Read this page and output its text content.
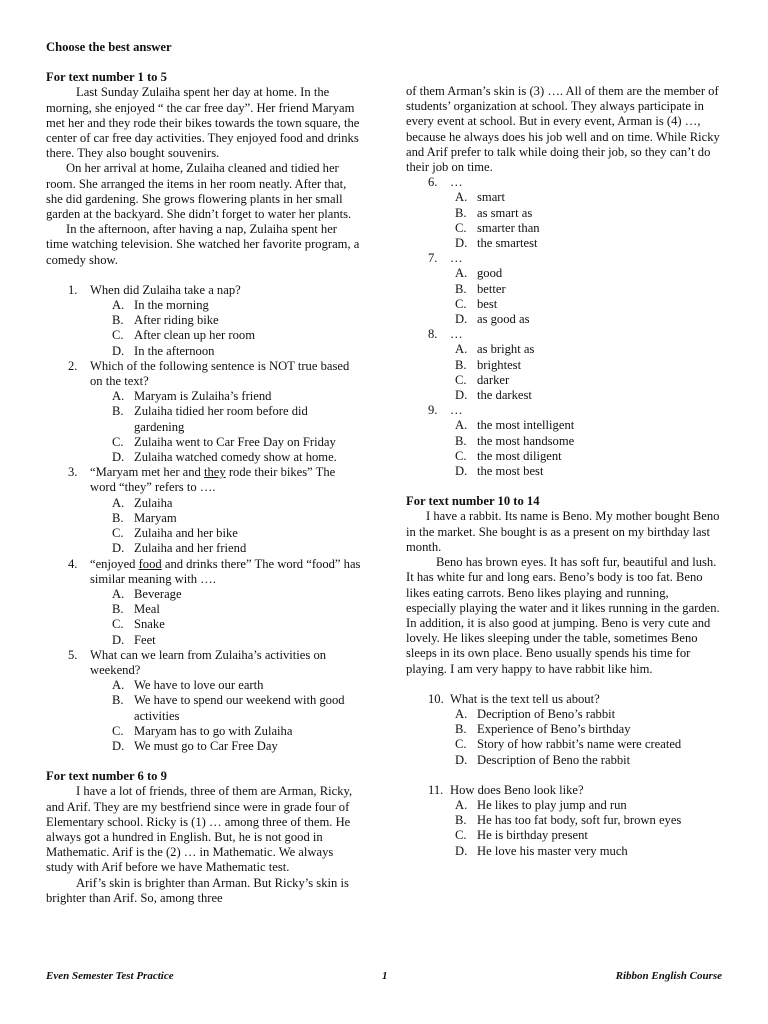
Choose the best answer

For text number 1 to 5

Last Sunday Zulaiha spent her day at home. In the morning, she enjoyed “ the car free day”. Her friend Maryam met her and they rode their bikes towards the town square, the center of car free day activities. They enjoyed food and drinks there. They also bought souvenirs.

On her arrival at home, Zulaiha cleaned and tidied her room. She arranged the items in her room neatly. After that, she did gardening. She grows flowering plants in her small garden at the backyard. She didn’t forget to water her plants.

In the afternoon, after having a nap, Zulaiha spent her time watching television. She watched her favorite program, a comedy show.

1. When did Zulaiha take a nap?
A. In the morning
B. After riding bike
C. After clean up her room
D. In the afternoon
2. Which of the following sentence is NOT true based on the text?
A. Maryam is Zulaiha’s friend
B. Zulaiha tidied her room before did gardening
C. Zulaiha went to Car Free Day on Friday
D. Zulaiha watched comedy show at home.
3. “Maryam met her and they rode their bikes” The word “they” refers to ….
A. Zulaiha
B. Maryam
C. Zulaiha and her bike
D. Zulaiha and her friend
4. “enjoyed food and drinks there” The word “food” has similar meaning with ….
A. Beverage
B. Meal
C. Snake
D. Feet
5. What can we learn from Zulaiha’s activities on weekend?
A. We have to love our earth
B. We have to spend our weekend with good activities
C. Maryam has to go with Zulaiha
D. We must go to Car Free Day

For text number 6 to 9

I have a lot of friends, three of them are Arman, Ricky, and Arif. They are my bestfriend since were in grade four of Elementary school. Ricky is (1) … among three of them. He always got a hundred in English. But, he is not good in Mathematic. Arif is the (2) … in Mathematic. We always study with Arif before we have Mathematic test.

Arif’s skin is brighter than Arman. But Ricky’s skin is brighter than Arif. So, among three

of them Arman’s skin is (3) …. All of them are the member of students’ organization at school. They always participate in every event at school. But in every event, Arman is (4) …, because he always does his job well and on time. While Ricky and Arif prefer to talk while doing their job, so they can’t do their job on time.

6. …
A. smart
B. as smart as
C. smarter than
D. the smartest
7. …
A. good
B. better
C. best
D. as good as
8. …
A. as bright as
B. brightest
C. darker
D. the darkest
9. …
A. the most intelligent
B. the most handsome
C. the most diligent
D. the most best

For text number 10 to 14

I have a rabbit. Its name is Beno. My mother bought Beno in the market. She bought is as a present on my birthday last month.

Beno has brown eyes. It has soft fur, beautiful and lush. It has white fur and long ears. Beno’s body is too fat. Beno likes eating carrots. Beno likes playing and running, especially playing the water and it likes running in the garden. In addition, it is also good at jumping. Beno is very cute and lovely. He likes sleeping under the table, sometimes Beno sleeps in its own place. Beno usually spends his time for playing. I am very happy to have rabbit like him.

10. What is the text tell us about?
A. Decription of Beno’s rabbit
B. Experience of Beno’s birthday
C. Story of how rabbit’s name were created
D. Description of Beno the rabbit
11. How does Beno look like?
A. He likes to play jump and run
B. He has too fat body, soft fur, brown eyes
C. He is birthday present
D. He love his master very much
Even Semester Test Practice	1	Ribbon English Course
